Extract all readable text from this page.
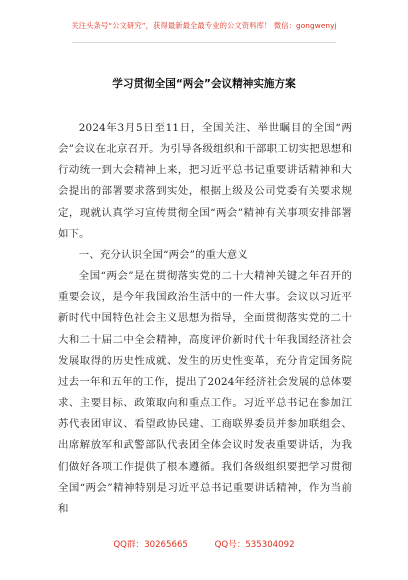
关注头条号“公文研究”，获得最新最全最专业的公文资料库！ 微信：gongwenyj
学习贯彻全国“两会”会议精神实施方案

2024年3月5日至11日，全国关注、举世瞩目的全国“两会”会议在北京召开。为引导各级组织和干部职工切实把思想和行动统一到大会精神上来，把习近平总书记重要讲话精神和大会提出的部署要求落到实处，根据上级及公司党委有关要求规定，现就认真学习宣传贯彻全国“两会”精神有关事项安排部署如下。

一、充分认识全国“两会”的重大意义

全国“两会”是在贯彻落实党的二十大精神关键之年召开的重要会议，是今年我国政治生活中的一件大事。会议以习近平新时代中国特色社会主义思想为指导，全面贯彻落实党的二十大和二十届二中全会精神，高度评价新时代十年我国经济社会发展取得的历史性成就、发生的历史性变革，充分肯定国务院过去一年和五年的工作，提出了2024年经济社会发展的总体要求、主要目标、政策取向和重点工作。习近平总书记在参加江苏代表团审议、看望政协民建、工商联界委员并参加联组会、出席解放军和武警部队代表团全体会议时发表重要讲话，为我们做好各项工作提供了根本遵循。我们各级组织要把学习贯彻全国“两会”精神特别是习近平总书记重要讲话精神，作为当前和

QQ群：30265665	QQ号：535304092
